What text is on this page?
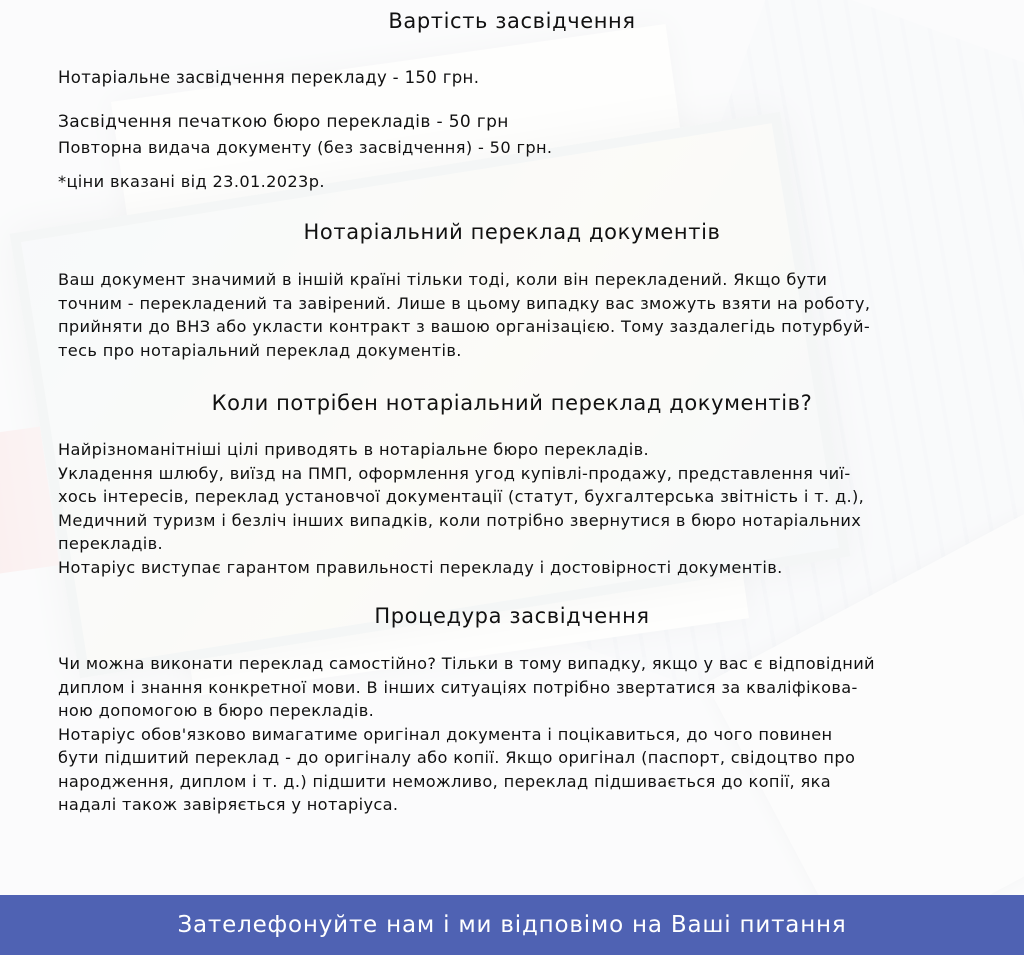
Вартість засвідчення

Нотаріальне засвідчення перекладу - 150 грн.

Засвідчення печаткою бюро перекладів - 50 грн

Повторна видача документу (без засвідчення) - 50 грн.

*ціни вказані від 23.01.2023р.

Нотаріальний переклад документів

Ваш документ значимий в іншій країні тільки тоді, коли він перекладений. Якщо бути
точним - перекладений та завірений. Лише в цьому випадку вас зможуть взяти на роботу,
прийняти до ВНЗ або укласти контракт з вашою організацією. Тому заздалегідь потурбуй-
тесь про нотаріальний переклад документів.

Коли потрібен нотаріальний переклад документів?

Найрізноманітніші цілі приводять в нотаріальне бюро перекладів.
Укладення шлюбу, виїзд на ПМП, оформлення угод купівлі-продажу, представлення чиї-
хось інтересів, переклад установчої документації (статут, бухгалтерська звітність і т. д.),
Медичний туризм і безліч інших випадків, коли потрібно звернутися в бюро нотаріальних
перекладів.
Нотаріус виступає гарантом правильності перекладу і достовірності документів.

Процедура засвідчення

Чи можна виконати переклад самостійно? Тільки в тому випадку, якщо у вас є відповідний
диплом і знання конкретної мови. В інших ситуаціях потрібно звертатися за кваліфікова-
ною допомогою в бюро перекладів.
Нотаріус обов'язково вимагатиме оригінал документа і поцікавиться, до чого повинен
бути підшитий переклад - до оригіналу або копії. Якщо оригінал (паспорт, свідоцтво про
народження, диплом і т. д.) підшити неможливо, переклад підшивається до копії, яка
надалі також завіряється у нотаріуса.

Зателефонуйте нам і ми відповімо на Ваші питання
